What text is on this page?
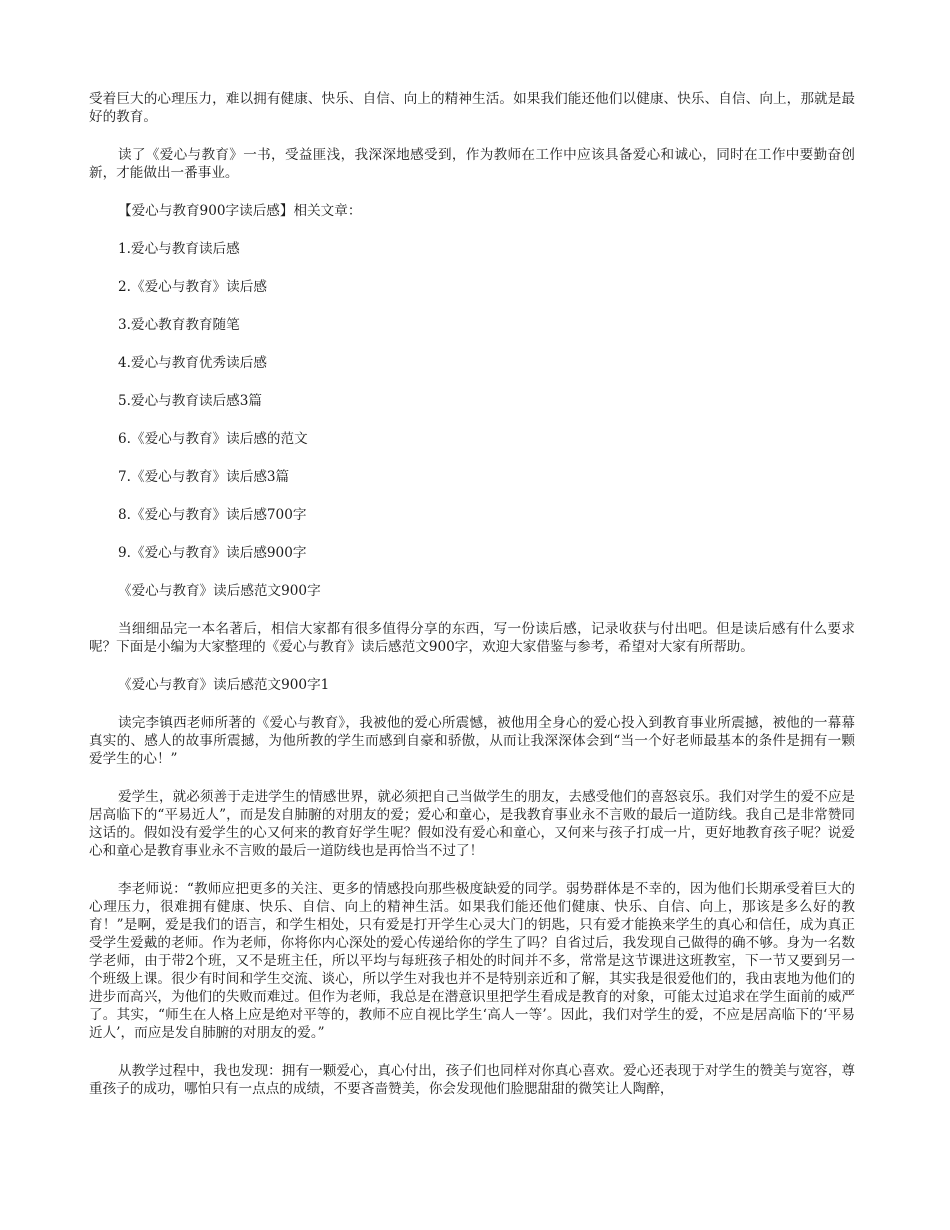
受着巨大的心理压力，难以拥有健康、快乐、自信、向上的精神生活。如果我们能还他们以健康、快乐、自信、向上，那就是最好的教育。

读了《爱心与教育》一书，受益匪浅，我深深地感受到，作为教师在工作中应该具备爱心和诚心，同时在工作中要勤奋创新，才能做出一番事业。

【爱心与教育900字读后感】相关文章：

1.爱心与教育读后感

2.《爱心与教育》读后感

3.爱心教育教育随笔

4.爱心与教育优秀读后感

5.爱心与教育读后感3篇

6.《爱心与教育》读后感的范文

7.《爱心与教育》读后感3篇

8.《爱心与教育》读后感700字

9.《爱心与教育》读后感900字

《爱心与教育》读后感范文900字

当细细品完一本名著后，相信大家都有很多值得分享的东西，写一份读后感，记录收获与付出吧。但是读后感有什么要求呢？下面是小编为大家整理的《爱心与教育》读后感范文900字，欢迎大家借鉴与参考，希望对大家有所帮助。

《爱心与教育》读后感范文900字1

读完李镇西老师所著的《爱心与教育》，我被他的爱心所震憾，被他用全身心的爱心投入到教育事业所震撼，被他的一幕幕真实的、感人的故事所震撼，为他所教的学生而感到自豪和骄傲，从而让我深深体会到“当一个好老师最基本的条件是拥有一颗爱学生的心！”

爱学生，就必须善于走进学生的情感世界，就必须把自己当做学生的朋友，去感受他们的喜怒哀乐。我们对学生的爱不应是居高临下的“平易近人”，而是发自肺腑的对朋友的爱；爱心和童心，是我教育事业永不言败的最后一道防线。我自己是非常赞同这话的。假如没有爱学生的心又何来的教育好学生呢？假如没有爱心和童心，又何来与孩子打成一片，更好地教育孩子呢？说爱心和童心是教育事业永不言败的最后一道防线也是再恰当不过了！

李老师说：“教师应把更多的关注、更多的情感投向那些极度缺爱的同学。弱势群体是不幸的，因为他们长期承受着巨大的心理压力，很难拥有健康、快乐、自信、向上的精神生活。如果我们能还他们健康、快乐、自信、向上，那该是多么好的教育！”是啊，爱是我们的语言，和学生相处，只有爱是打开学生心灵大门的钥匙，只有爱才能换来学生的真心和信任，成为真正受学生爱戴的老师。作为老师，你将你内心深处的爱心传递给你的学生了吗？自省过后，我发现自己做得的确不够。身为一名数学老师，由于带2个班，又不是班主任，所以平均与每班孩子相处的时间并不多，常常是这节课进这班教室，下一节又要到另一个班级上课。很少有时间和学生交流、谈心，所以学生对我也并不是特别亲近和了解，其实我是很爱他们的，我由衷地为他们的进步而高兴，为他们的失败而难过。但作为老师，我总是在潜意识里把学生看成是教育的对象，可能太过追求在学生面前的威严了。其实，“师生在人格上应是绝对平等的，教师不应自视比学生‘高人一等’。因此，我们对学生的爱，不应是居高临下的‘平易近人’，而应是发自肺腑的对朋友的爱。”

从教学过程中，我也发现：拥有一颗爱心，真心付出，孩子们也同样对你真心喜欢。爱心还表现于对学生的赞美与宽容，尊重孩子的成功，哪怕只有一点点的成绩，不要吝啬赞美，你会发现他们脸腮甜甜的微笑让人陶醉，
